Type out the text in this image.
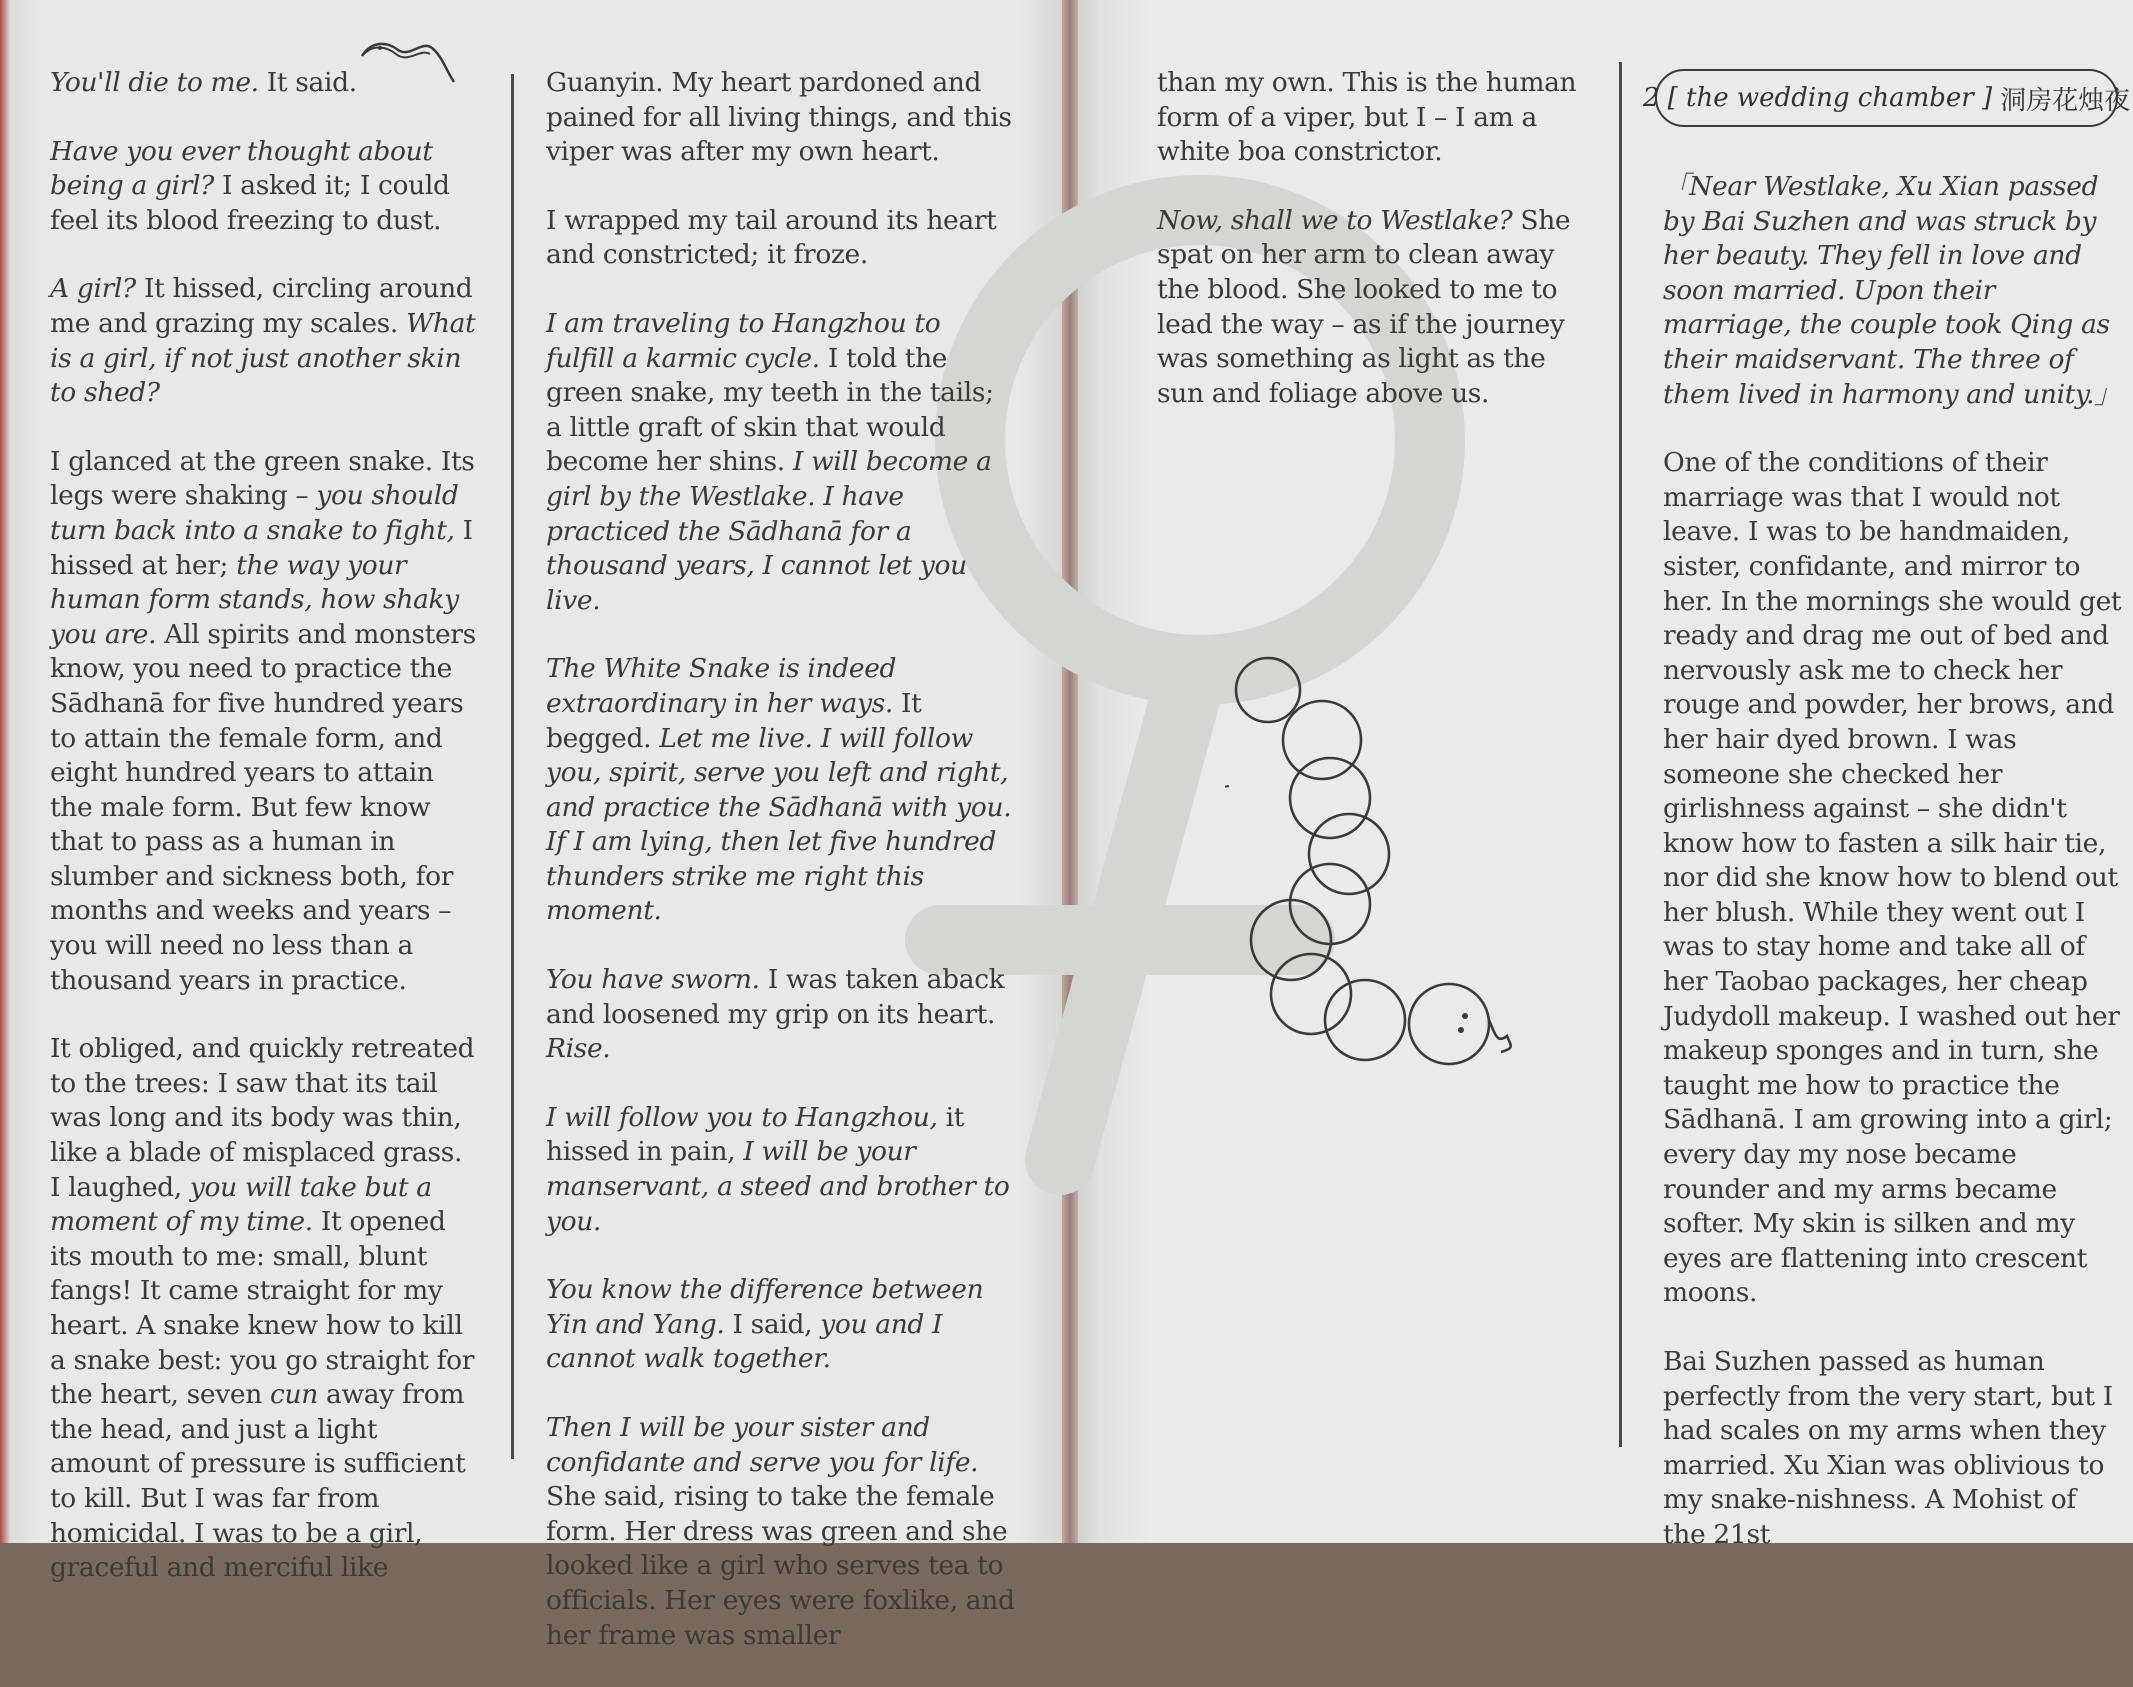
You'll die to me. It said.

Have you ever thought about being a girl? I asked it; I could feel its blood freezing to dust.

A girl? It hissed, circling around me and grazing my scales. What is a girl, if not just another skin to shed?

I glanced at the green snake. Its legs were shaking – you should turn back into a snake to fight, I hissed at her; the way your human form stands, how shaky you are. All spirits and monsters know, you need to practice the Sādhanā for five hundred years to attain the female form, and eight hundred years to attain the male form. But few know that to pass as a human in slumber and sickness both, for months and weeks and years – you will need no less than a thousand years in practice.

It obliged, and quickly retreated to the trees: I saw that its tail was long and its body was thin, like a blade of misplaced grass. I laughed, you will take but a moment of my time. It opened its mouth to me: small, blunt fangs! It came straight for my heart. A snake knew how to kill a snake best: you go straight for the heart, seven cun away from the head, and just a light amount of pressure is sufficient to kill. But I was far from homicidal. I was to be a girl, graceful and merciful like

Guanyin. My heart pardoned and pained for all living things, and this viper was after my own heart.

I wrapped my tail around its heart and constricted; it froze.

I am traveling to Hangzhou to fulfill a karmic cycle. I told the green snake, my teeth in the tails; a little graft of skin that would become her shins. I will become a girl by the Westlake. I have practiced the Sādhanā for a thousand years, I cannot let you live.

The White Snake is indeed extraordinary in her ways. It begged. Let me live. I will follow you, spirit, serve you left and right, and practice the Sādhanā with you. If I am lying, then let five hundred thunders strike me right this moment.

You have sworn. I was taken aback and loosened my grip on its heart. Rise.

I will follow you to Hangzhou, it hissed in pain, I will be your manservant, a steed and brother to you.

You know the difference between Yin and Yang. I said, you and I cannot walk together.

Then I will be your sister and confidante and serve you for life. She said, rising to take the female form. Her dress was green and she looked like a girl who serves tea to officials. Her eyes were foxlike, and her frame was smaller

than my own. This is the human form of a viper, but I – I am a white boa constrictor.

Now, shall we to Westlake? She spat on her arm to clean away the blood. She looked to me to lead the way – as if the journey was something as light as the sun and foliage above us.

2 [ the wedding chamber ] 洞房花烛夜

「Near Westlake, Xu Xian passed by Bai Suzhen and was struck by her beauty. They fell in love and soon married. Upon their marriage, the couple took Qing as their maidservant. The three of them lived in harmony and unity.」

One of the conditions of their marriage was that I would not leave. I was to be handmaiden, sister, confidante, and mirror to her. In the mornings she would get ready and drag me out of bed and nervously ask me to check her rouge and powder, her brows, and her hair dyed brown. I was someone she checked her girlishness against – she didn't know how to fasten a silk hair tie, nor did she know how to blend out her blush. While they went out I was to stay home and take all of her Taobao packages, her cheap Judydoll makeup. I washed out her makeup sponges and in turn, she taught me how to practice the Sādhanā. I am growing into a girl; every day my nose became rounder and my arms became softer. My skin is silken and my eyes are flattening into crescent moons.

Bai Suzhen passed as human perfectly from the very start, but I had scales on my arms when they married. Xu Xian was oblivious to my snake-nishness. A Mohist of the 21st
